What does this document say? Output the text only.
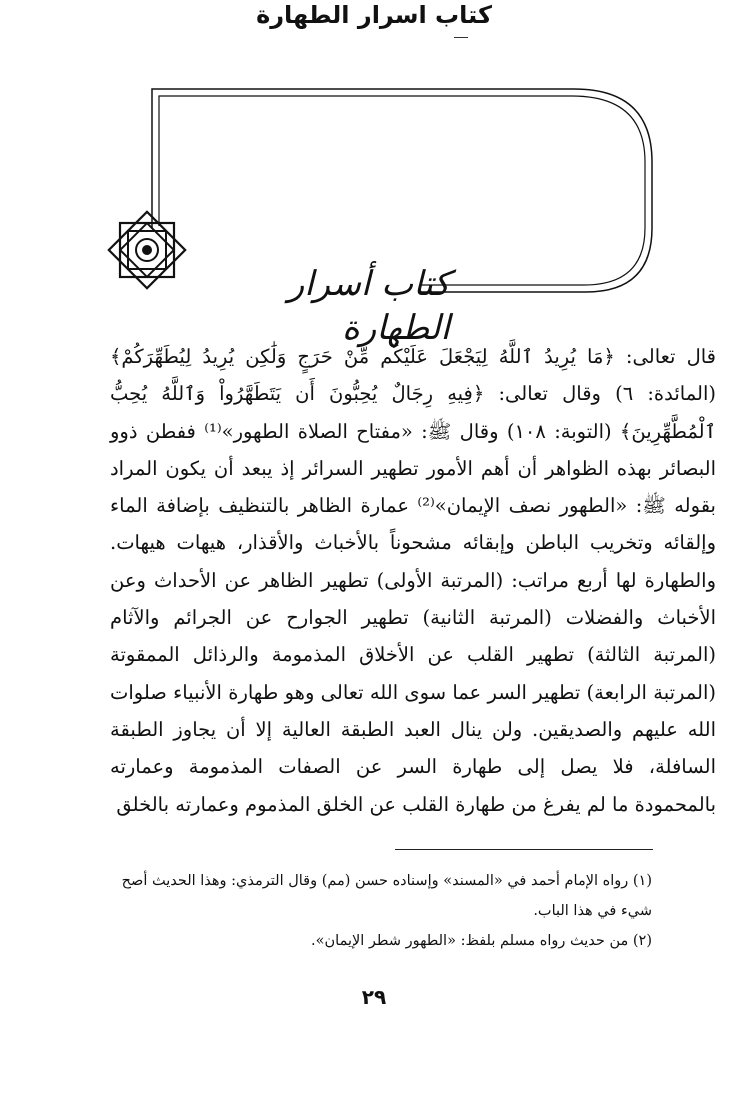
كتاب اسرار الطهارة
كتاب أسرار الطهارة

قال تعالى: ﴿مَا يُرِيدُ ٱللَّهُ لِيَجْعَلَ عَلَيْكُم مِّنْ حَرَجٍ وَلَٰكِن يُرِيدُ لِيُطَهِّرَكُمْ﴾ (المائدة: ٦) وقال تعالى: ﴿فِيهِ رِجَالٌ يُحِبُّونَ أَن يَتَطَهَّرُواْ وَٱللَّهُ يُحِبُّ ٱلْمُطَّهِّرِينَ﴾ (التوبة: ١٠٨) وقال ﷺ: «مفتاح الصلاة الطهور»⁽¹⁾ ففطن ذوو البصائر بهذه الظواهر أن أهم الأمور تطهير السرائر إذ يبعد أن يكون المراد بقوله ﷺ: «الطهور نصف الإيمان»⁽²⁾ عمارة الظاهر بالتنظيف بإضافة الماء وإلقائه وتخريب الباطن وإبقائه مشحوناً بالأخباث والأقذار، هيهات هيهات. والطهارة لها أربع مراتب: (المرتبة الأولى) تطهير الظاهر عن الأحداث وعن الأخباث والفضلات (المرتبة الثانية) تطهير الجوارح عن الجرائم والآثام (المرتبة الثالثة) تطهير القلب عن الأخلاق المذمومة والرذائل الممقوتة (المرتبة الرابعة) تطهير السر عما سوى الله تعالى وهو طهارة الأنبياء صلوات الله عليهم والصديقين. ولن ينال العبد الطبقة العالية إلا أن يجاوز الطبقة السافلة، فلا يصل إلى طهارة السر عن الصفات المذمومة وعمارته بالمحمودة ما لم يفرغ من طهارة القلب عن الخلق المذموم وعمارته بالخلق

(١) رواه الإمام أحمد في «المسند» وإسناده حسن (مم) وقال الترمذي: وهذا الحديث أصح شيء في هذا الباب.

(٢) من حديث رواه مسلم بلفظ: «الطهور شطر الإيمان».

٢٩
